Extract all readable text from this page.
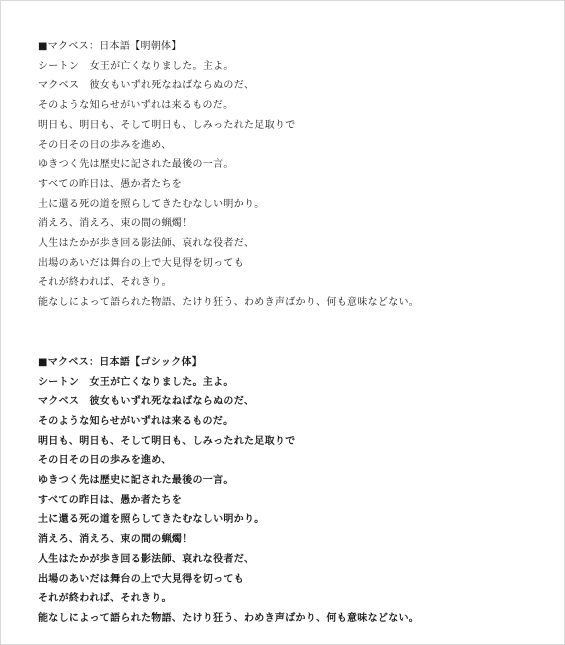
■マクベス：日本語【明朝体】
シートン　女王が亡くなりました。主よ。
マクベス　彼女もいずれ死なねばならぬのだ、
そのような知らせがいずれは来るものだ。
明日も、明日も、そして明日も、しみったれた足取りで
その日その日の歩みを進め、
ゆきつく先は歴史に記された最後の一言。
すべての昨日は、愚か者たちを
土に還る死の道を照らしてきたむなしい明かり。
消えろ、消えろ、束の間の蝋燭！
人生はたかが歩き回る影法師、哀れな役者だ、
出場のあいだは舞台の上で大見得を切っても
それが終われば、それきり。
能なしによって語られた物語、たけり狂う、わめき声ばかり、何も意味などない。
■マクベス：日本語【ゴシック体】
シートン　女王が亡くなりました。主よ。
マクベス　彼女もいずれ死なねばならぬのだ、
そのような知らせがいずれは来るものだ。
明日も、明日も、そして明日も、しみったれた足取りで
その日その日の歩みを進め、
ゆきつく先は歴史に記された最後の一言。
すべての昨日は、愚か者たちを
土に還る死の道を照らしてきたむなしい明かり。
消えろ、消えろ、束の間の蝋燭！
人生はたかが歩き回る影法師、哀れな役者だ、
出場のあいだは舞台の上で大見得を切っても
それが終われば、それきり。
能なしによって語られた物語、たけり狂う、わめき声ばかり、何も意味などない。
